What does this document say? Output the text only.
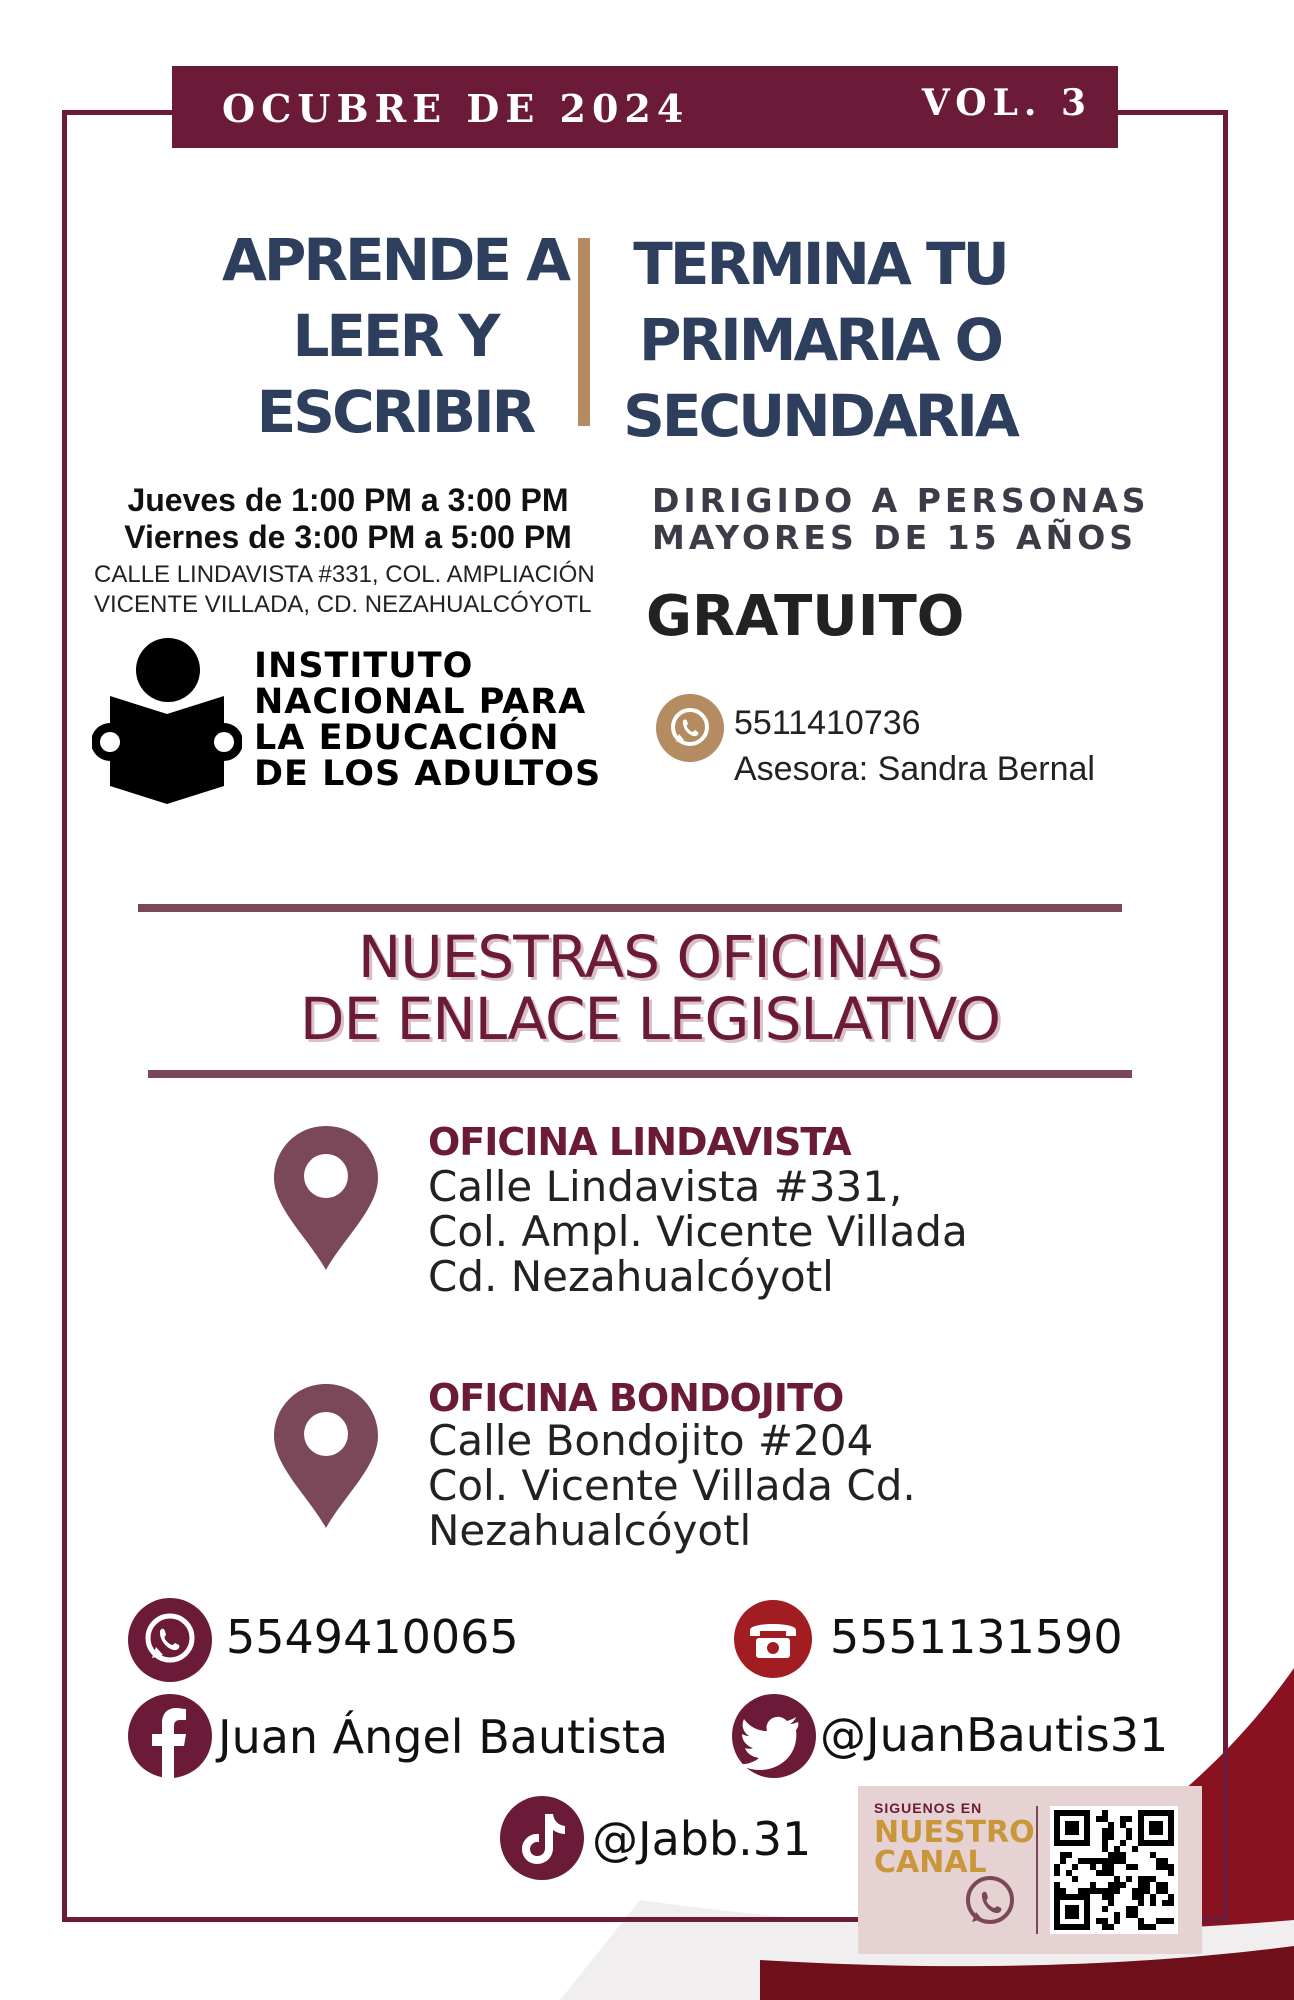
OCUBRE DE 2024	VOL. 3
APRENDE A
LEER Y
ESCRIBIR
TERMINA TU
PRIMARIA O
SECUNDARIA
Jueves de 1:00 PM a 3:00 PM
Viernes de 3:00 PM a 5:00 PM
CALLE LINDAVISTA #331, COL. AMPLIACIÓN
VICENTE VILLADA, CD. NEZAHUALCÓYOTL
INSTITUTO
NACIONAL PARA
LA EDUCACIÓN
DE LOS ADULTOS
DIRIGIDO A PERSONAS
MAYORES DE 15 AÑOS
GRATUITO
5511410736
Asesora: Sandra Bernal
NUESTRAS OFICINAS
DE ENLACE LEGISLATIVO
OFICINA LINDAVISTA
Calle Lindavista #331,
Col. Ampl. Vicente Villada
Cd. Nezahualcóyotl
OFICINA BONDOJITO
Calle Bondojito #204
Col. Vicente Villada Cd.
Nezahualcóyotl
5549410065	5551131590
Juan Ángel Bautista	@JuanBautis31
@Jabb.31
SIGUENOS EN
NUESTRO
CANAL
